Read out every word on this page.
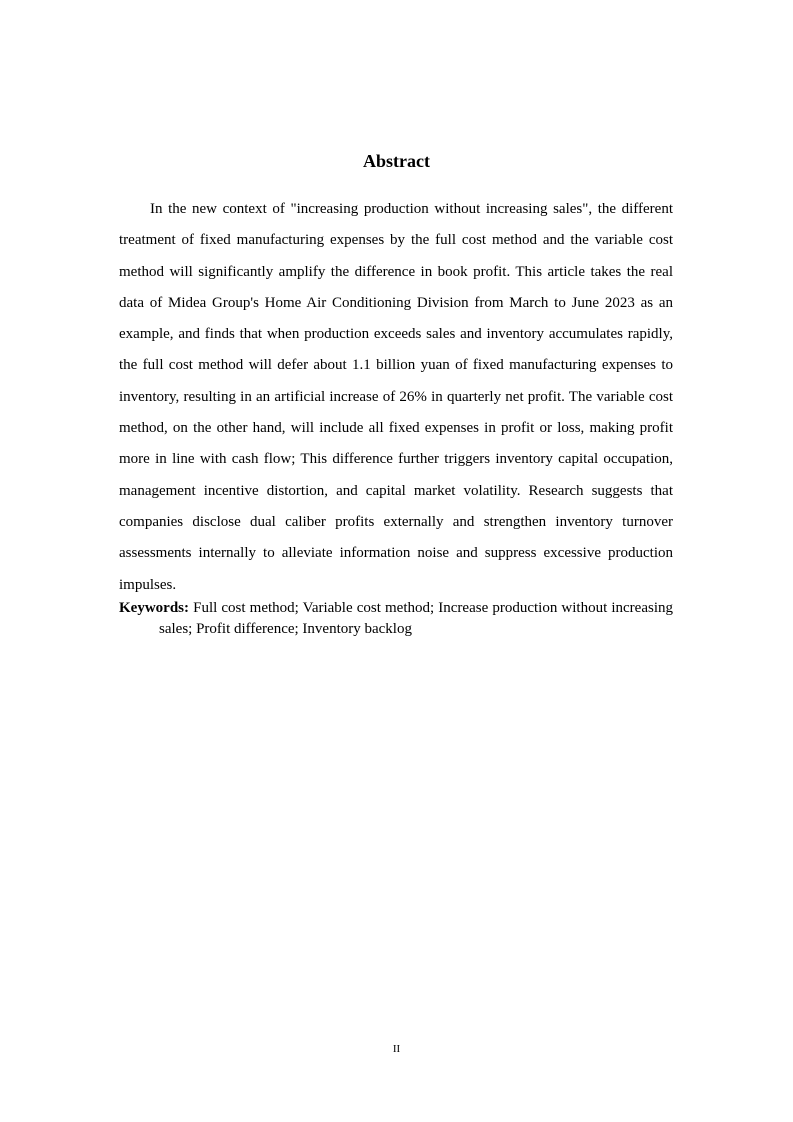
Abstract

In the new context of "increasing production without increasing sales", the different treatment of fixed manufacturing expenses by the full cost method and the variable cost method will significantly amplify the difference in book profit. This article takes the real data of Midea Group's Home Air Conditioning Division from March to June 2023 as an example, and finds that when production exceeds sales and inventory accumulates rapidly, the full cost method will defer about 1.1 billion yuan of fixed manufacturing expenses to inventory, resulting in an artificial increase of 26% in quarterly net profit. The variable cost method, on the other hand, will include all fixed expenses in profit or loss, making profit more in line with cash flow; This difference further triggers inventory capital occupation, management incentive distortion, and capital market volatility. Research suggests that companies disclose dual caliber profits externally and strengthen inventory turnover assessments internally to alleviate information noise and suppress excessive production impulses.

Keywords: Full cost method; Variable cost method; Increase production without increasing sales; Profit difference; Inventory backlog

II
